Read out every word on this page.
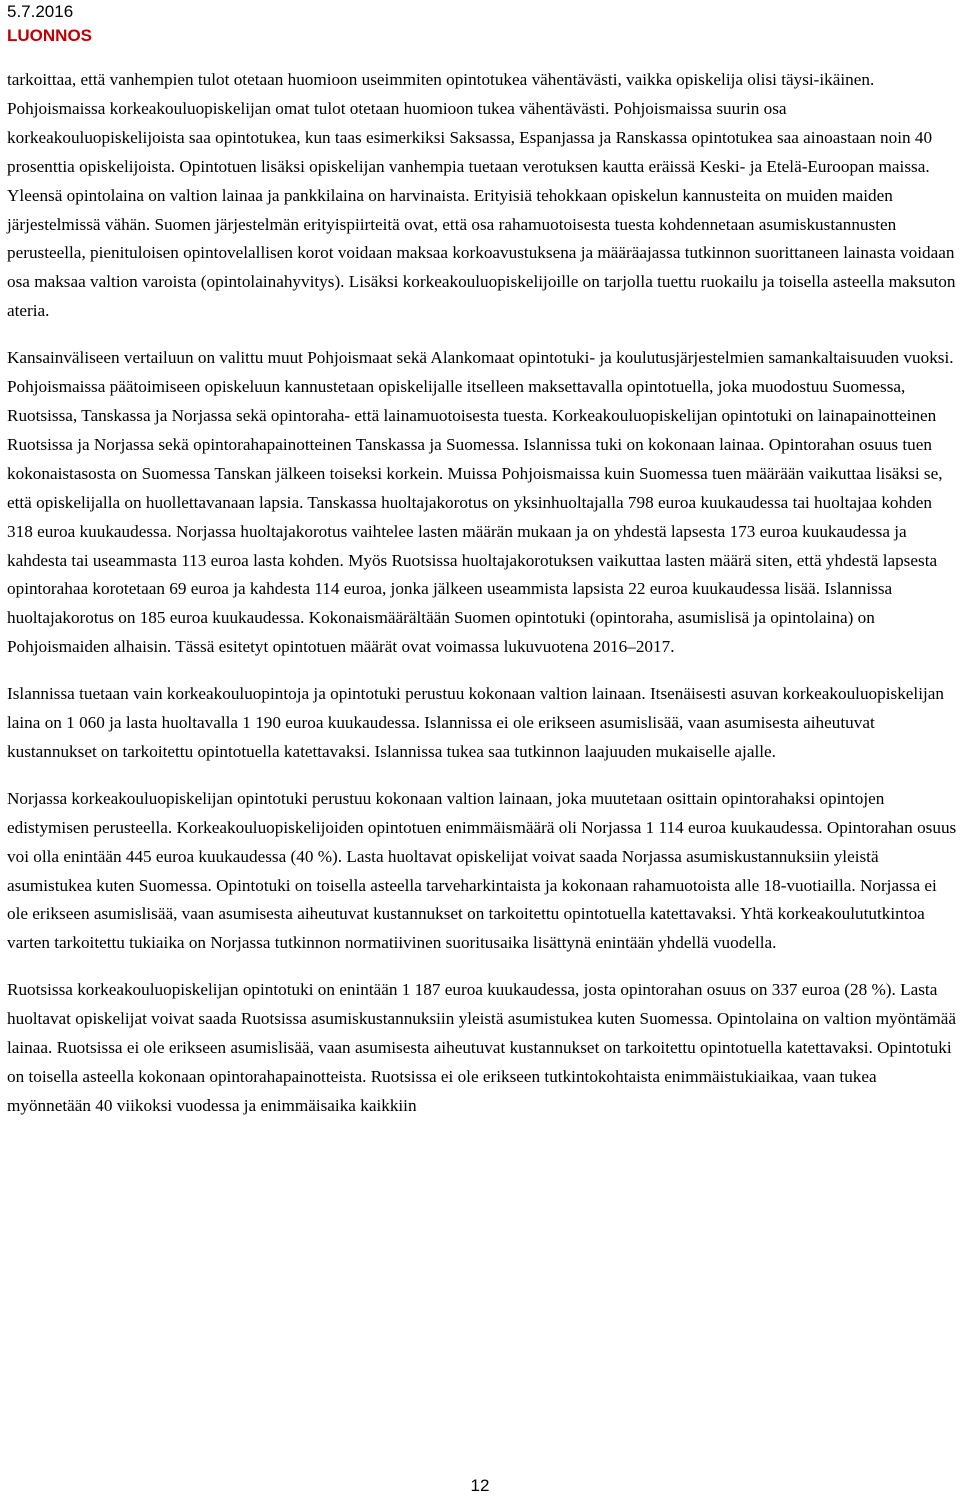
5.7.2016
LUONNOS

tarkoittaa, että vanhempien tulot otetaan huomioon useimmiten opintotukea vähentävästi, vaikka opiskelija olisi täysi-ikäinen. Pohjoismaissa korkeakouluopiskelijan omat tulot otetaan huomioon tukea vähentävästi. Pohjoismaissa suurin osa korkeakouluopiskelijoista saa opintotukea, kun taas esimerkiksi Saksassa, Espanjassa ja Ranskassa opintotukea saa ainoastaan noin 40 prosenttia opiskelijoista. Opintotuen lisäksi opiskelijan vanhempia tuetaan verotuksen kautta eräissä Keski- ja Etelä-Euroopan maissa. Yleensä opintolaina on valtion lainaa ja pankkilaina on harvinaista. Erityisiä tehokkaan opiskelun kannusteita on muiden maiden järjestelmissä vähän. Suomen järjestelmän erityispiirteitä ovat, että osa rahamuotoisesta tuesta kohdennetaan asumiskustannusten perusteella, pienituloisen opintovelallisen korot voidaan maksaa korkoavustuksena ja määräajassa tutkinnon suorittaneen lainasta voidaan osa maksaa valtion varoista (opintolainahyvitys). Lisäksi korkeakouluopiskelijoille on tarjolla tuettu ruokailu ja toisella asteella maksuton ateria.

Kansainväliseen vertailuun on valittu muut Pohjoismaat sekä Alankomaat opintotuki- ja koulutusjärjestelmien samankaltaisuuden vuoksi. Pohjoismaissa päätoimiseen opiskeluun kannustetaan opiskelijalle itselleen maksettavalla opintotuella, joka muodostuu Suomessa, Ruotsissa, Tanskassa ja Norjassa sekä opintoraha- että lainamuotoisesta tuesta. Korkeakouluopiskelijan opintotuki on lainapainotteinen Ruotsissa ja Norjassa sekä opintorahapainotteinen Tanskassa ja Suomessa. Islannissa tuki on kokonaan lainaa. Opintorahan osuus tuen kokonaistasosta on Suomessa Tanskan jälkeen toiseksi korkein. Muissa Pohjoismaissa kuin Suomessa tuen määrään vaikuttaa lisäksi se, että opiskelijalla on huollettavanaan lapsia. Tanskassa huoltajakorotus on yksinhuoltajalla 798 euroa kuukaudessa tai huoltajaa kohden 318 euroa kuukaudessa. Norjassa huoltajakorotus vaihtelee lasten määrän mukaan ja on yhdestä lapsesta 173 euroa kuukaudessa ja kahdesta tai useammasta 113 euroa lasta kohden. Myös Ruotsissa huoltajakorotuksen vaikuttaa lasten määrä siten, että yhdestä lapsesta opintorahaa korotetaan 69 euroa ja kahdesta 114 euroa, jonka jälkeen useammista lapsista 22 euroa kuukaudessa lisää. Islannissa huoltajakorotus on 185 euroa kuukaudessa. Kokonaismäärältään Suomen opintotuki (opintoraha, asumislisä ja opintolaina) on Pohjoismaiden alhaisin. Tässä esitetyt opintotuen määrät ovat voimassa lukuvuotena 2016–2017.

Islannissa tuetaan vain korkeakouluopintoja ja opintotuki perustuu kokonaan valtion lainaan. Itsenäisesti asuvan korkeakouluopiskelijan laina on 1 060 ja lasta huoltavalla 1 190 euroa kuukaudessa. Islannissa ei ole erikseen asumislisää, vaan asumisesta aiheutuvat kustannukset on tarkoitettu opintotuella katettavaksi. Islannissa tukea saa tutkinnon laajuuden mukaiselle ajalle.

Norjassa korkeakouluopiskelijan opintotuki perustuu kokonaan valtion lainaan, joka muutetaan osittain opintorahaksi opintojen edistymisen perusteella. Korkeakouluopiskelijoiden opintotuen enimmäismäärä oli Norjassa 1 114 euroa kuukaudessa. Opintorahan osuus voi olla enintään 445 euroa kuukaudessa (40 %). Lasta huoltavat opiskelijat voivat saada Norjassa asumiskustannuksiin yleistä asumistukea kuten Suomessa. Opintotuki on toisella asteella tarveharkintaista ja kokonaan rahamuotoista alle 18-vuotiailla. Norjassa ei ole erikseen asumislisää, vaan asumisesta aiheutuvat kustannukset on tarkoitettu opintotuella katettavaksi. Yhtä korkeakoulututkintoa varten tarkoitettu tukiaika on Norjassa tutkinnon normatiivinen suoritusaika lisättynä enintään yhdellä vuodella.

Ruotsissa korkeakouluopiskelijan opintotuki on enintään 1 187 euroa kuukaudessa, josta opintorahan osuus on 337 euroa (28 %). Lasta huoltavat opiskelijat voivat saada Ruotsissa asumiskustannuksiin yleistä asumistukea kuten Suomessa. Opintolaina on valtion myöntämää lainaa. Ruotsissa ei ole erikseen asumislisää, vaan asumisesta aiheutuvat kustannukset on tarkoitettu opintotuella katettavaksi. Opintotuki on toisella asteella kokonaan opintorahapainotteista. Ruotsissa ei ole erikseen tutkintokohtaista enimmäistukiaikaa, vaan tukea myönnetään 40 viikoksi vuodessa ja enimmäisaika kaikkiin

12
